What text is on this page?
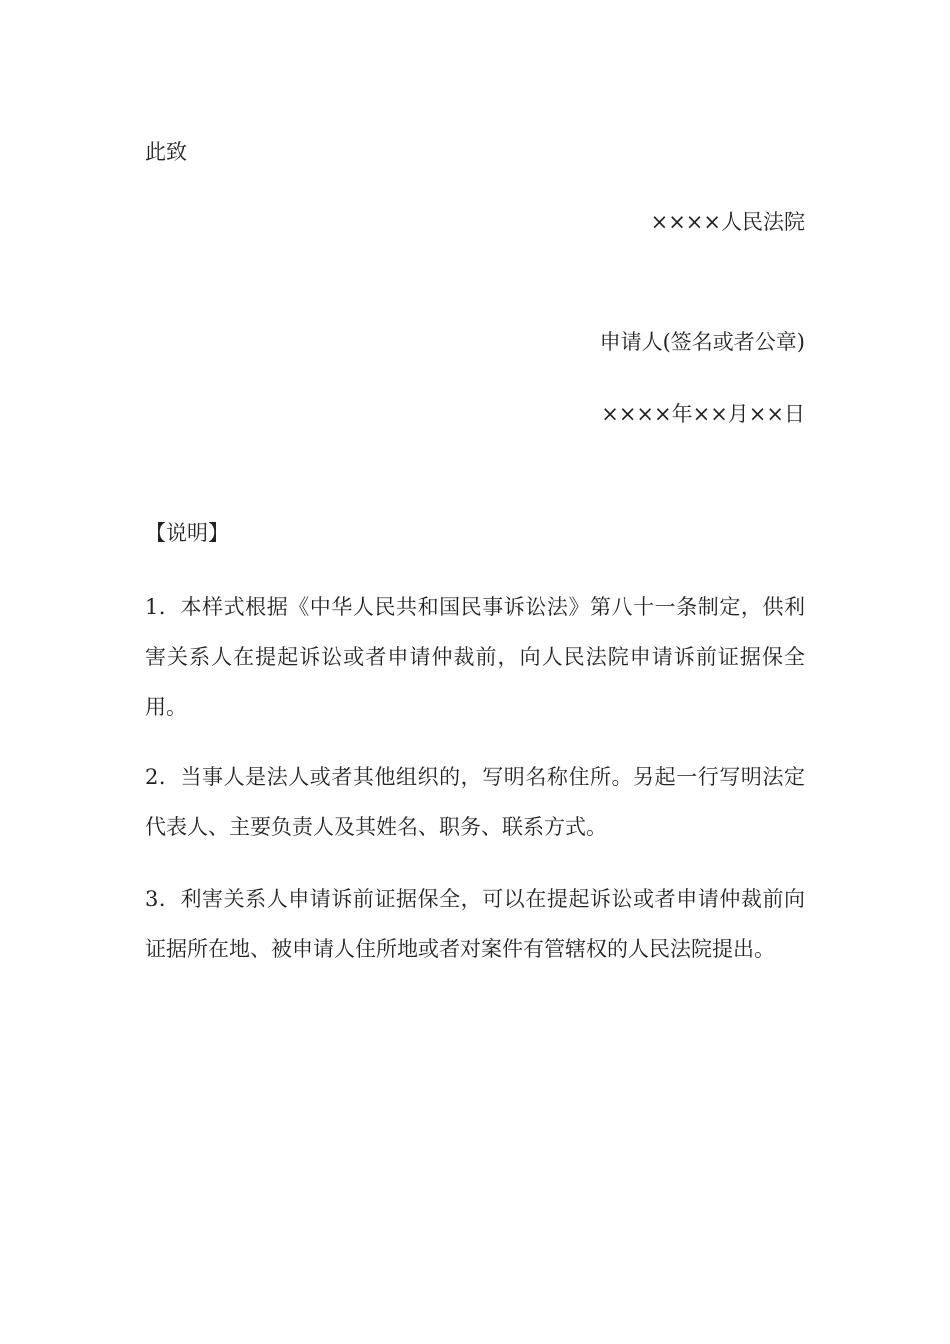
此致
××××人民法院
申请人(签名或者公章)
××××年××月××日
【说明】

1．本样式根据《中华人民共和国民事诉讼法》第八十一条制定，供利害关系人在提起诉讼或者申请仲裁前，向人民法院申请诉前证据保全用。

2．当事人是法人或者其他组织的，写明名称住所。另起一行写明法定代表人、主要负责人及其姓名、职务、联系方式。

3．利害关系人申请诉前证据保全，可以在提起诉讼或者申请仲裁前向证据所在地、被申请人住所地或者对案件有管辖权的人民法院提出。
